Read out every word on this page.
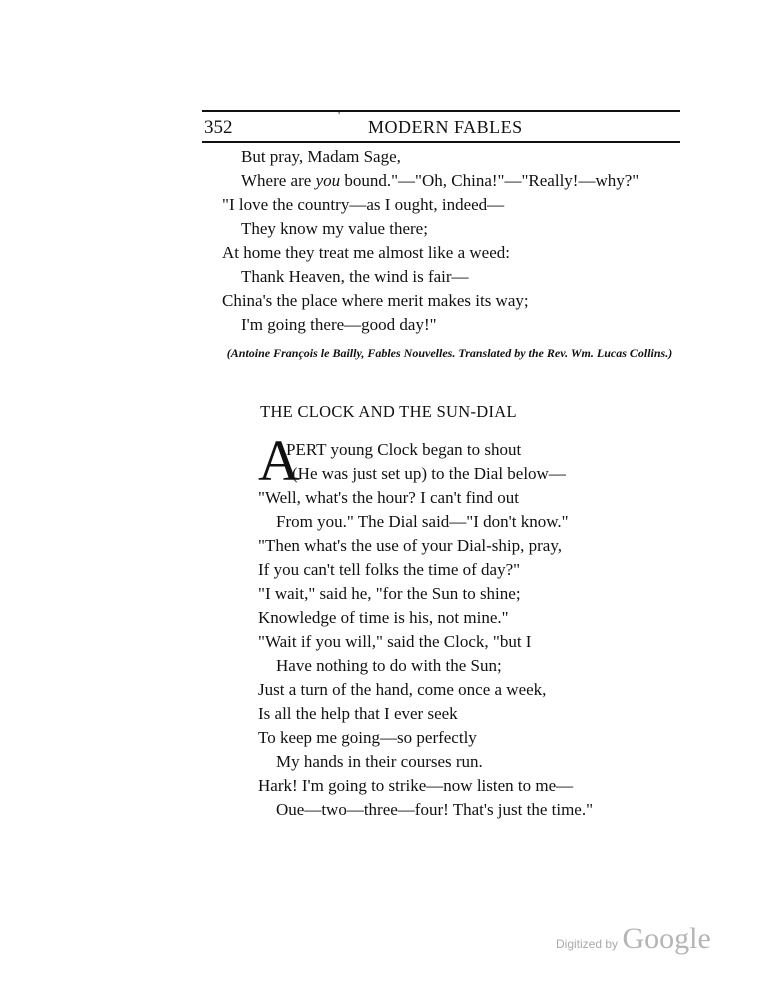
'
352	MODERN FABLES
But pray, Madam Sage,
Where are you bound."—"Oh, China!"—"Really!—why?"
"I love the country—as I ought, indeed—
They know my value there;
At home they treat me almost like a weed:
Thank Heaven, the wind is fair—
China's the place where merit makes its way;
I'm going there—good day!"
(Antoine François le Bailly, Fables Nouvelles. Translated by the Rev. Wm. Lucas Collins.)
THE CLOCK AND THE SUN-DIAL
A
PERT young Clock began to shout
(He was just set up) to the Dial below—
"Well, what's the hour? I can't find out
From you." The Dial said—"I don't know."
"Then what's the use of your Dial-ship, pray,
If you can't tell folks the time of day?"
"I wait," said he, "for the Sun to shine;
Knowledge of time is his, not mine."
"Wait if you will," said the Clock, "but I
Have nothing to do with the Sun;
Just a turn of the hand, come once a week,
Is all the help that I ever seek
To keep me going—so perfectly
My hands in their courses run.
Hark! I'm going to strike—now listen to me—
Oue—two—three—four! That's just the time."
Digitized by Google
